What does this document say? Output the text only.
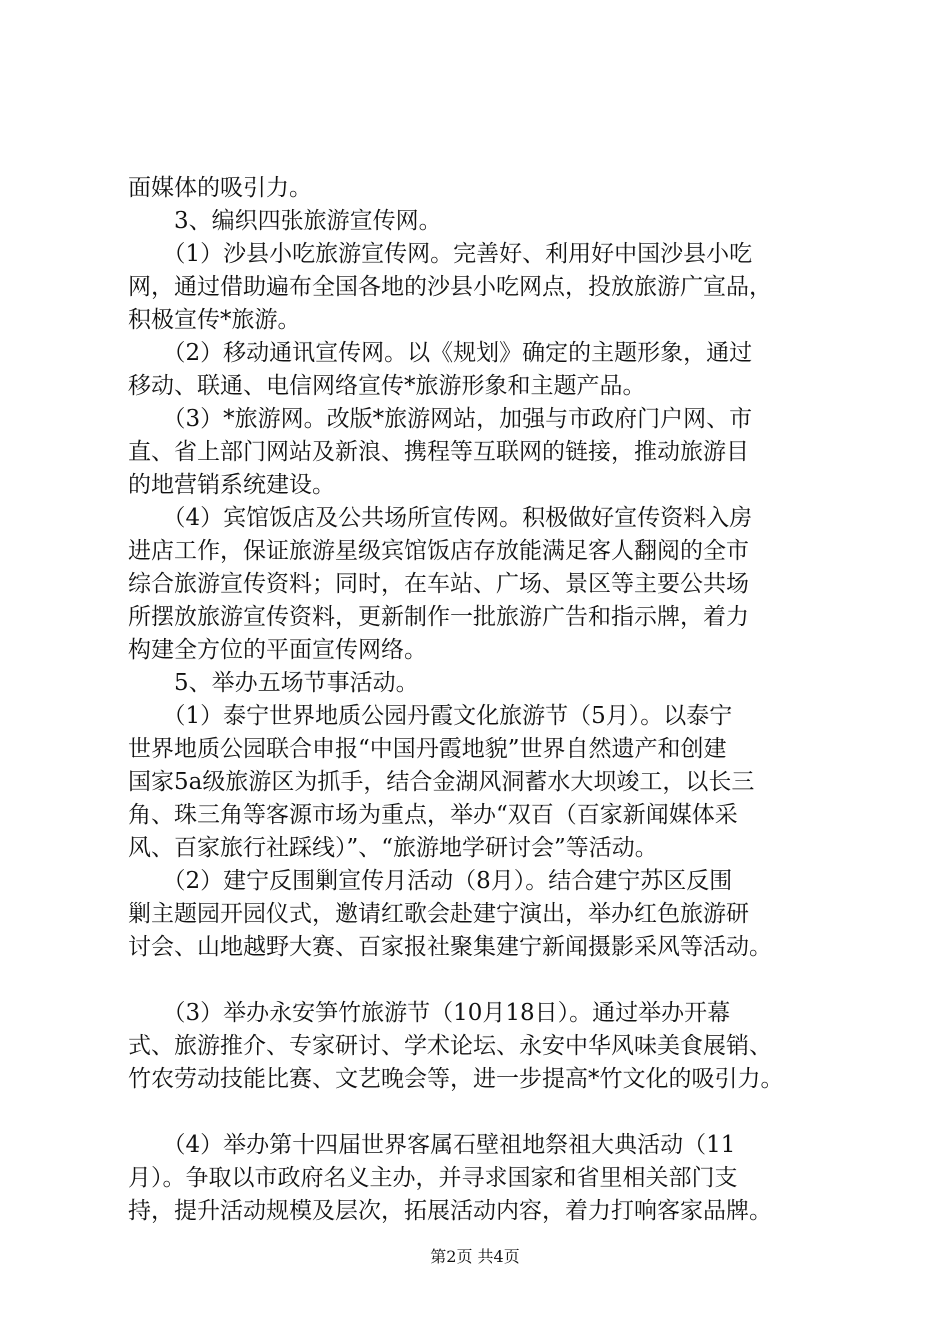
面媒体的吸引力。
　　3、编织四张旅游宣传网。
　　（1）沙县小吃旅游宣传网。完善好、利用好中国沙县小吃
网，通过借助遍布全国各地的沙县小吃网点，投放旅游广宣品，
积极宣传*旅游。
　　（2）移动通讯宣传网。以《规划》确定的主题形象，通过
移动、联通、电信网络宣传*旅游形象和主题产品。
　　（3）*旅游网。改版*旅游网站，加强与市政府门户网、市
直、省上部门网站及新浪、携程等互联网的链接，推动旅游目
的地营销系统建设。
　　（4）宾馆饭店及公共场所宣传网。积极做好宣传资料入房
进店工作，保证旅游星级宾馆饭店存放能满足客人翻阅的全市
综合旅游宣传资料；同时，在车站、广场、景区等主要公共场
所摆放旅游宣传资料，更新制作一批旅游广告和指示牌，着力
构建全方位的平面宣传网络。
　　5、举办五场节事活动。
　　（1）泰宁世界地质公园丹霞文化旅游节（5月）。以泰宁
世界地质公园联合申报“中国丹霞地貌”世界自然遗产和创建
国家5a级旅游区为抓手，结合金湖风洞蓄水大坝竣工，以长三
角、珠三角等客源市场为重点，举办“双百（百家新闻媒体采
风、百家旅行社踩线）”、“旅游地学研讨会”等活动。
　　（2）建宁反围剿宣传月活动（8月）。结合建宁苏区反围
剿主题园开园仪式，邀请红歌会赴建宁演出，举办红色旅游研
讨会、山地越野大赛、百家报社聚集建宁新闻摄影采风等活动。
　　（3）举办永安笋竹旅游节（10月18日）。通过举办开幕
式、旅游推介、专家研讨、学术论坛、永安中华风味美食展销、
竹农劳动技能比赛、文艺晚会等，进一步提高*竹文化的吸引力。
　　（4）举办第十四届世界客属石壁祖地祭祖大典活动（11
月）。争取以市政府名义主办，并寻求国家和省里相关部门支
持，提升活动规模及层次，拓展活动内容，着力打响客家品牌。
第2页 共4页
